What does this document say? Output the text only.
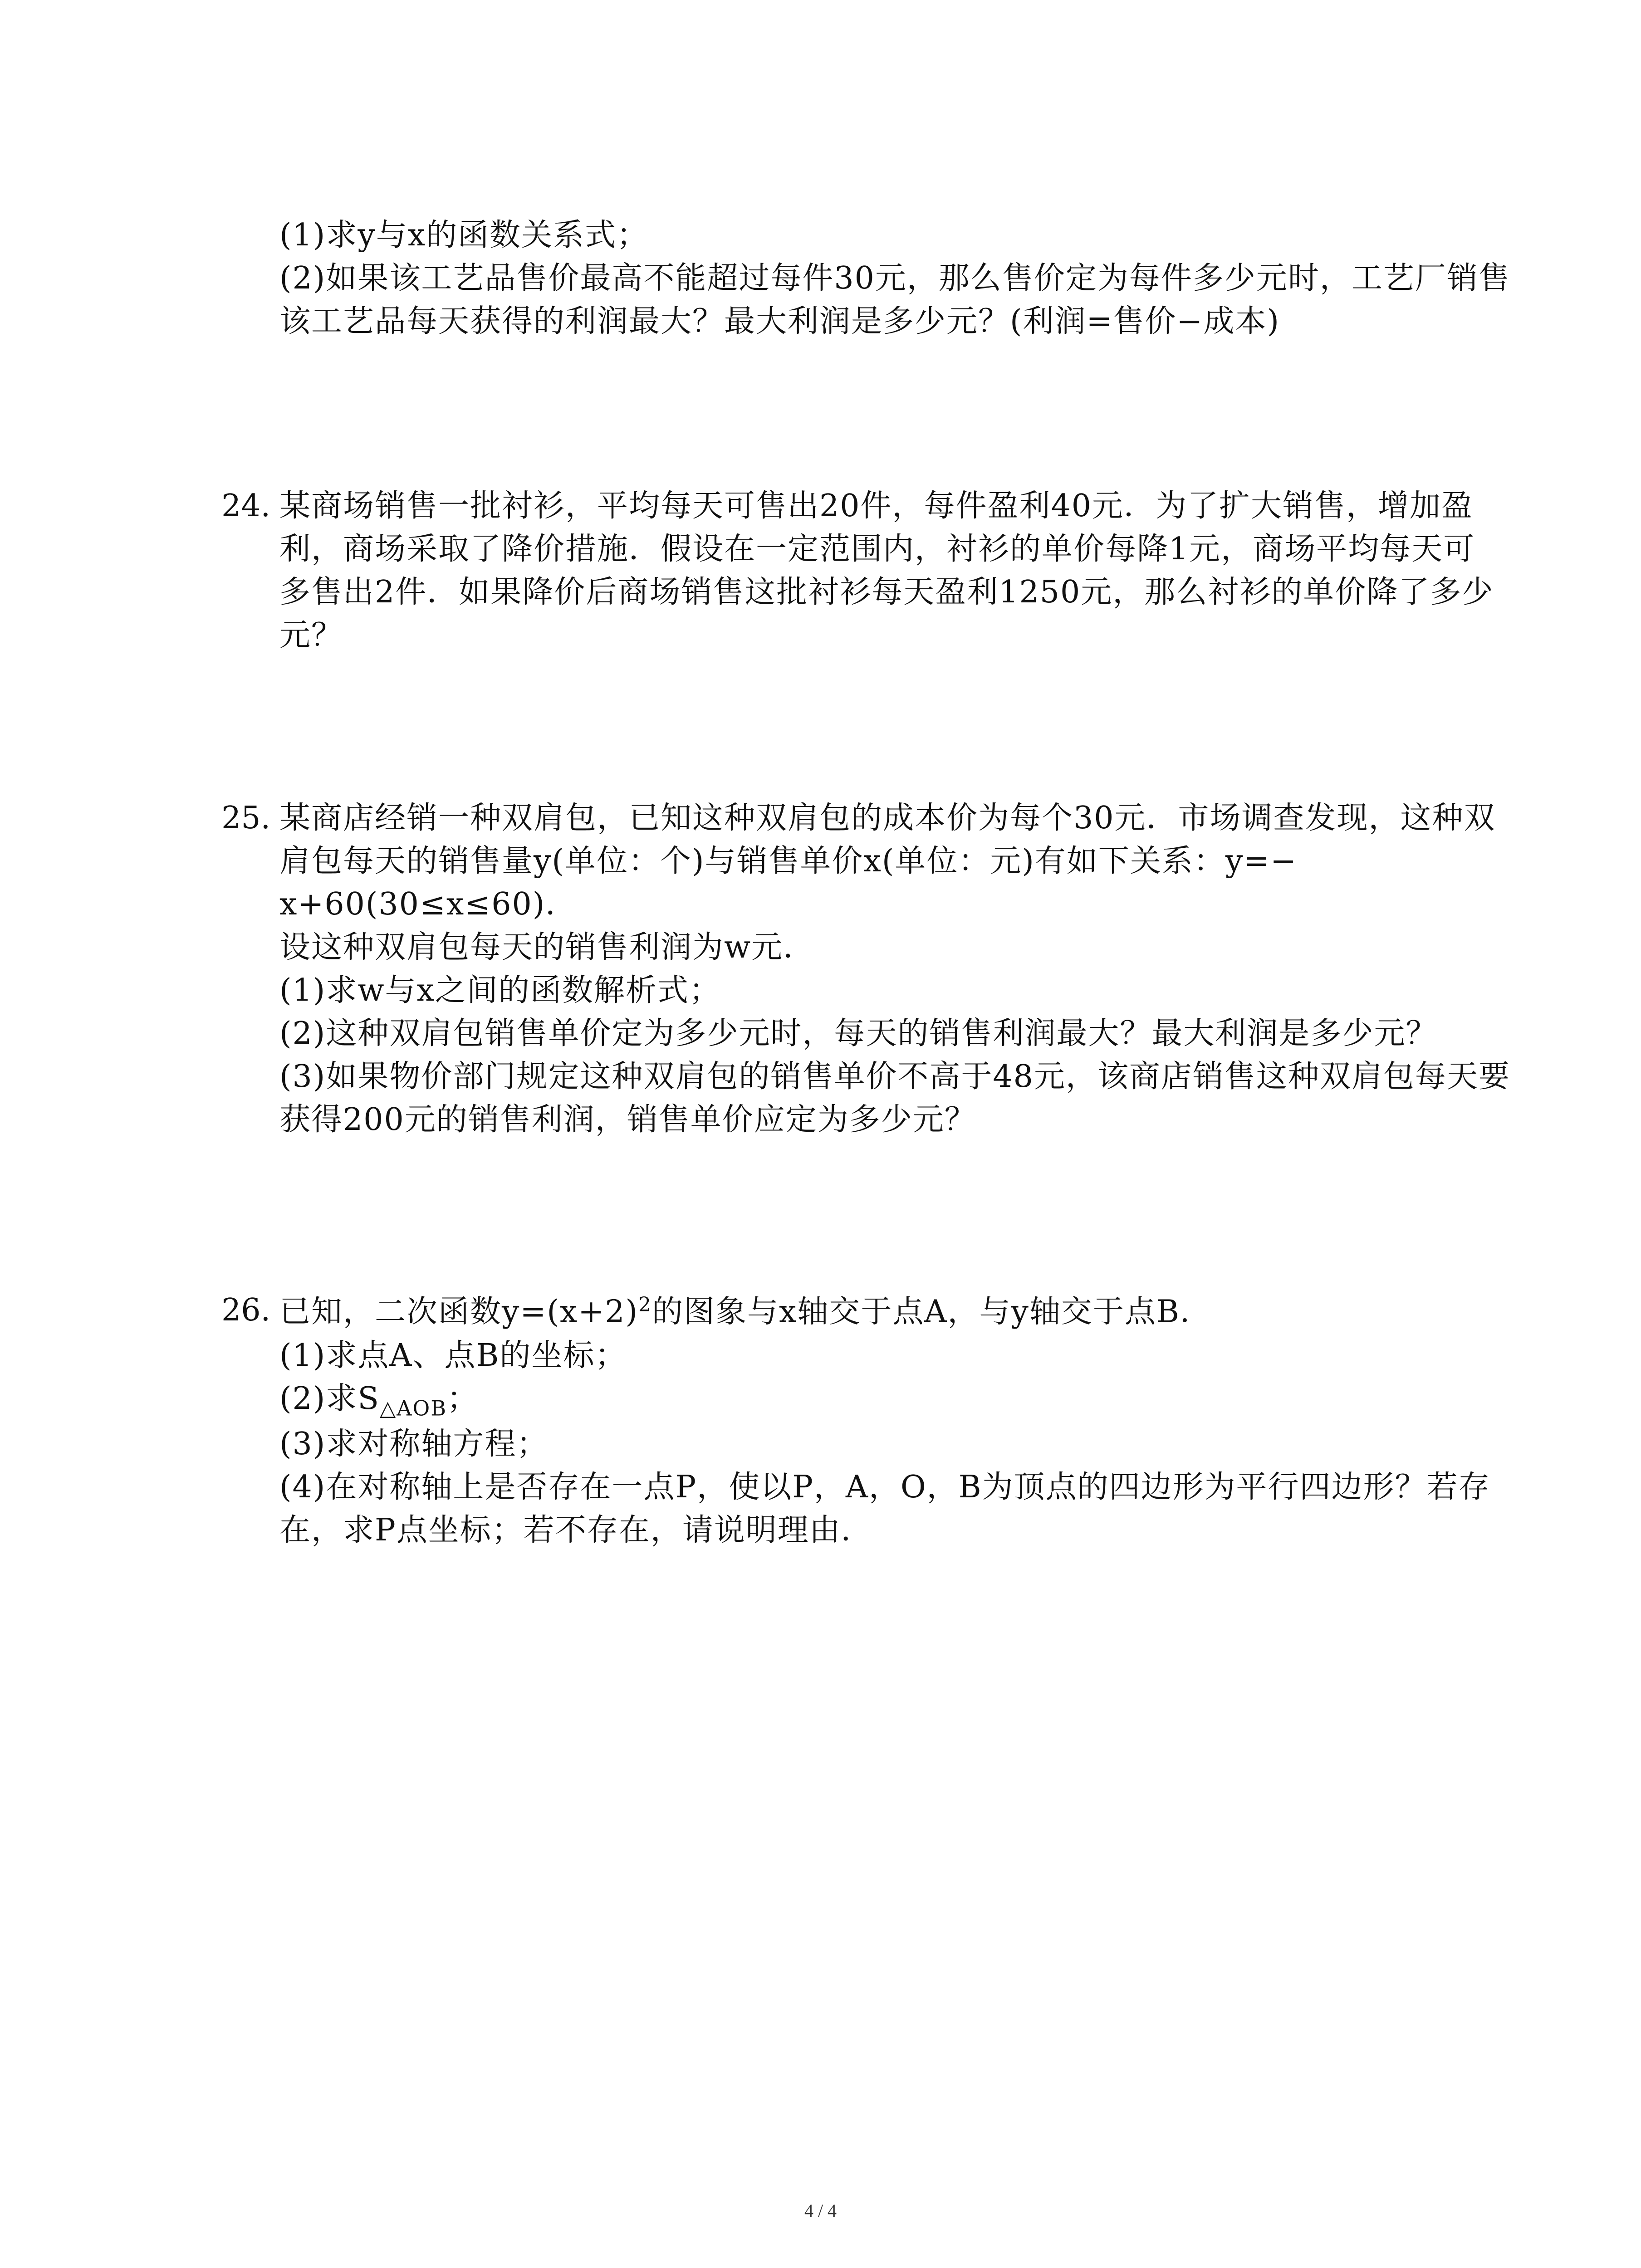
(1)求y与x的函数关系式；
(2)如果该工艺品售价最高不能超过每件30元，那么售价定为每件多少元时，工艺厂销售
该工艺品每天获得的利润最大？最大利润是多少元？(利润=售价−成本)
24. 某商场销售一批衬衫，平均每天可售出20件，每件盈利40元．为了扩大销售，增加盈
利，商场采取了降价措施．假设在一定范围内，衬衫的单价每降1元，商场平均每天可
多售出2件．如果降价后商场销售这批衬衫每天盈利1250元，那么衬衫的单价降了多少
元？
25. 某商店经销一种双肩包，已知这种双肩包的成本价为每个30元．市场调查发现，这种双
肩包每天的销售量y(单位：个)与销售单价x(单位：元)有如下关系：y=−
x+60(30≤x≤60)．
设这种双肩包每天的销售利润为w元．
(1)求w与x之间的函数解析式；
(2)这种双肩包销售单价定为多少元时，每天的销售利润最大？最大利润是多少元？
(3)如果物价部门规定这种双肩包的销售单价不高于48元，该商店销售这种双肩包每天要
获得200元的销售利润，销售单价应定为多少元？
26. 已知，二次函数$y=(x+2)^2$的图象与x轴交于点A，与y轴交于点B．
(1)求点A、点B的坐标；
(2)求$S_{\triangle AOB}$；
(3)求对称轴方程；
(4)在对称轴上是否存在一点P，使以P，A，O，B为顶点的四边形为平行四边形？若存
在，求P点坐标；若不存在，请说明理由．
4 / 4
